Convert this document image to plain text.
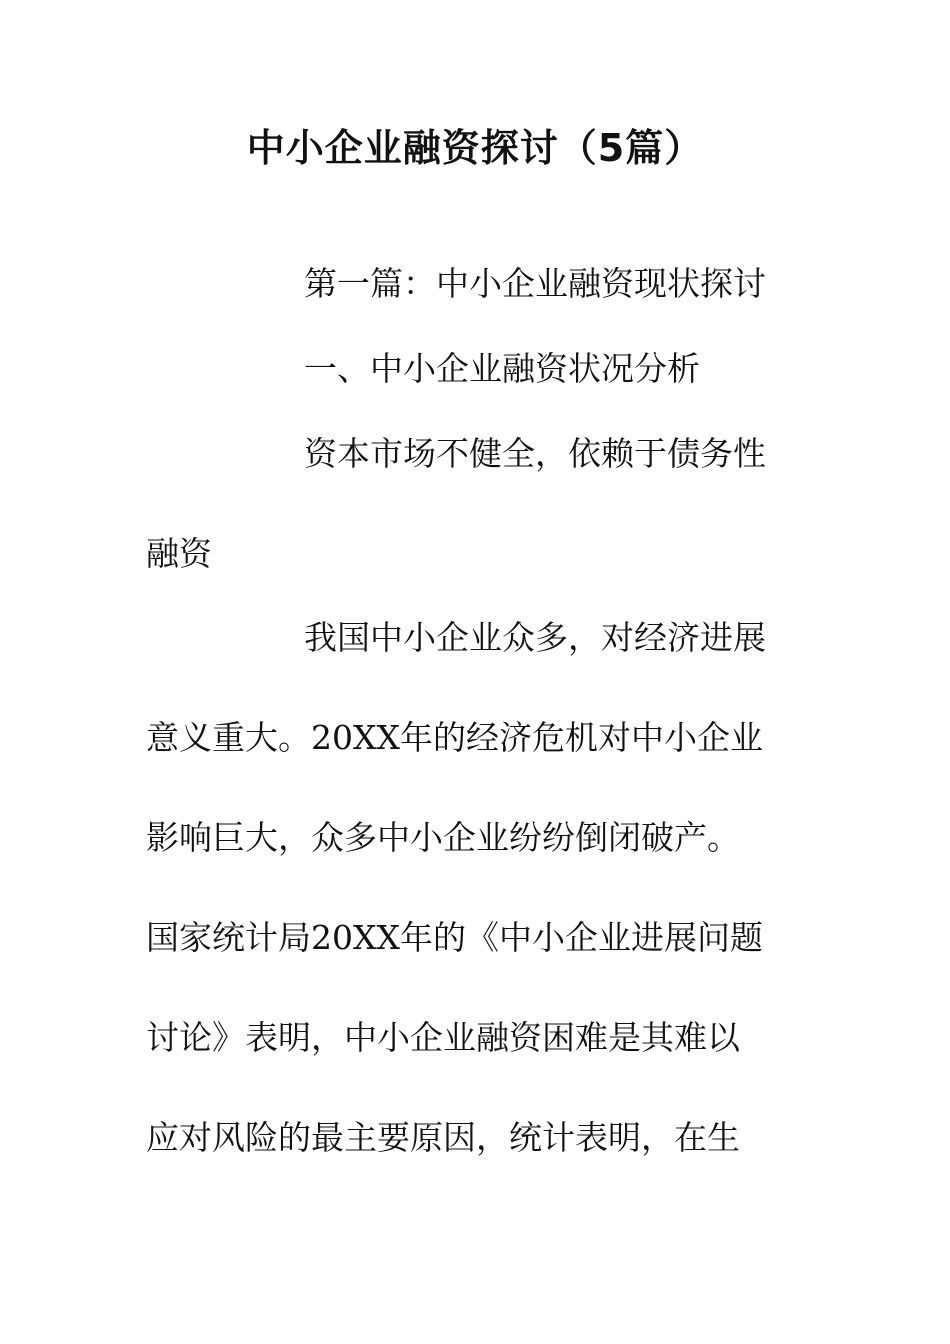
中小企业融资探讨（5篇）

第一篇：中小企业融资现状探讨

一、中小企业融资状况分析

资本市场不健全，依赖于债务性

融资

我国中小企业众多，对经济进展

意义重大。20XX年的经济危机对中小企业

影响巨大，众多中小企业纷纷倒闭破产。

国家统计局20XX年的《中小企业进展问题

讨论》表明，中小企业融资困难是其难以

应对风险的最主要原因，统计表明，在生
